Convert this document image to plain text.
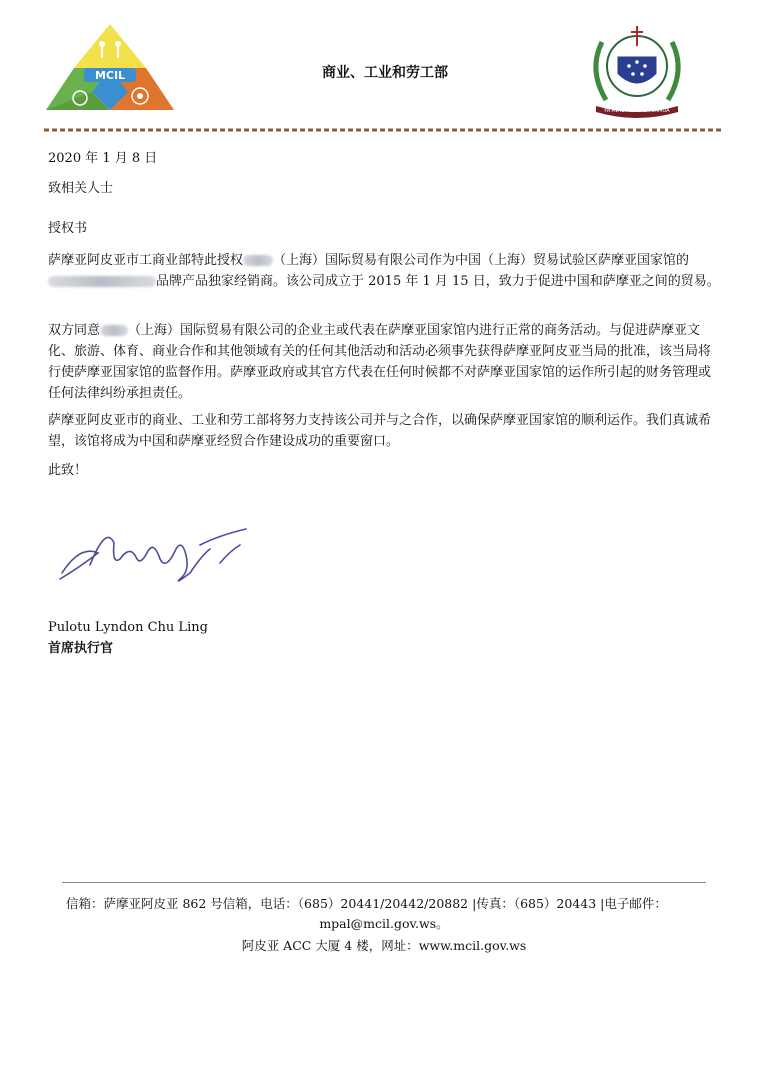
MCIL	商业、工业和劳工部
FA'AVAE I LE ATUA SAMOA
2020 年 1 月 8 日
致相关人士
授权书
萨摩亚阿皮亚市工商业部特此授权 （上海）国际贸易有限公司作为中国（上海）贸易试验区萨摩亚国家馆的品牌产品独家经销商。该公司成立于 2015 年 1 月 15 日，致力于促进中国和萨摩亚之间的贸易。
双方同意 （上海）国际贸易有限公司的企业主或代表在萨摩亚国家馆内进行正常的商务活动。与促进萨摩亚文化、旅游、体育、商业合作和其他领域有关的任何其他活动和活动必须事先获得萨摩亚阿皮亚当局的批准，该当局将行使萨摩亚国家馆的监督作用。萨摩亚政府或其官方代表在任何时候都不对萨摩亚国家馆的运作所引起的财务管理或任何法律纠纷承担责任。
萨摩亚阿皮亚市的商业、工业和劳工部将努力支持该公司并与之合作，以确保萨摩亚国家馆的顺利运作。我们真诚希望，该馆将成为中国和萨摩亚经贸合作建设成功的重要窗口。
此致！
Pulotu Lyndon Chu Ling
首席执行官
信箱：萨摩亚阿皮亚 862 号信箱，电话：（685）20441/20442/20882 |传真：（685）20443 |电子邮件：
mpal@mcil.gov.ws。
阿皮亚 ACC 大厦 4 楼，网址：www.mcil.gov.ws
